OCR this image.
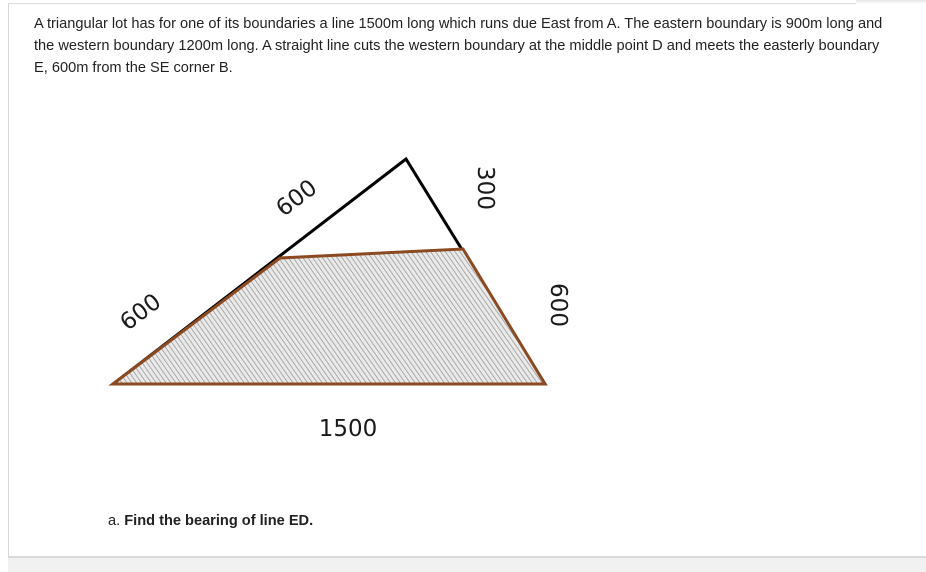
A triangular lot has for one of its boundaries a line 1500m long which runs due East from A. The eastern boundary is 900m long and the western boundary 1200m long. A straight line cuts the western boundary at the middle point D and meets the easterly boundary E, 600m from the SE corner B.

600
600	300
600
1500

a. Find the bearing of line ED.
